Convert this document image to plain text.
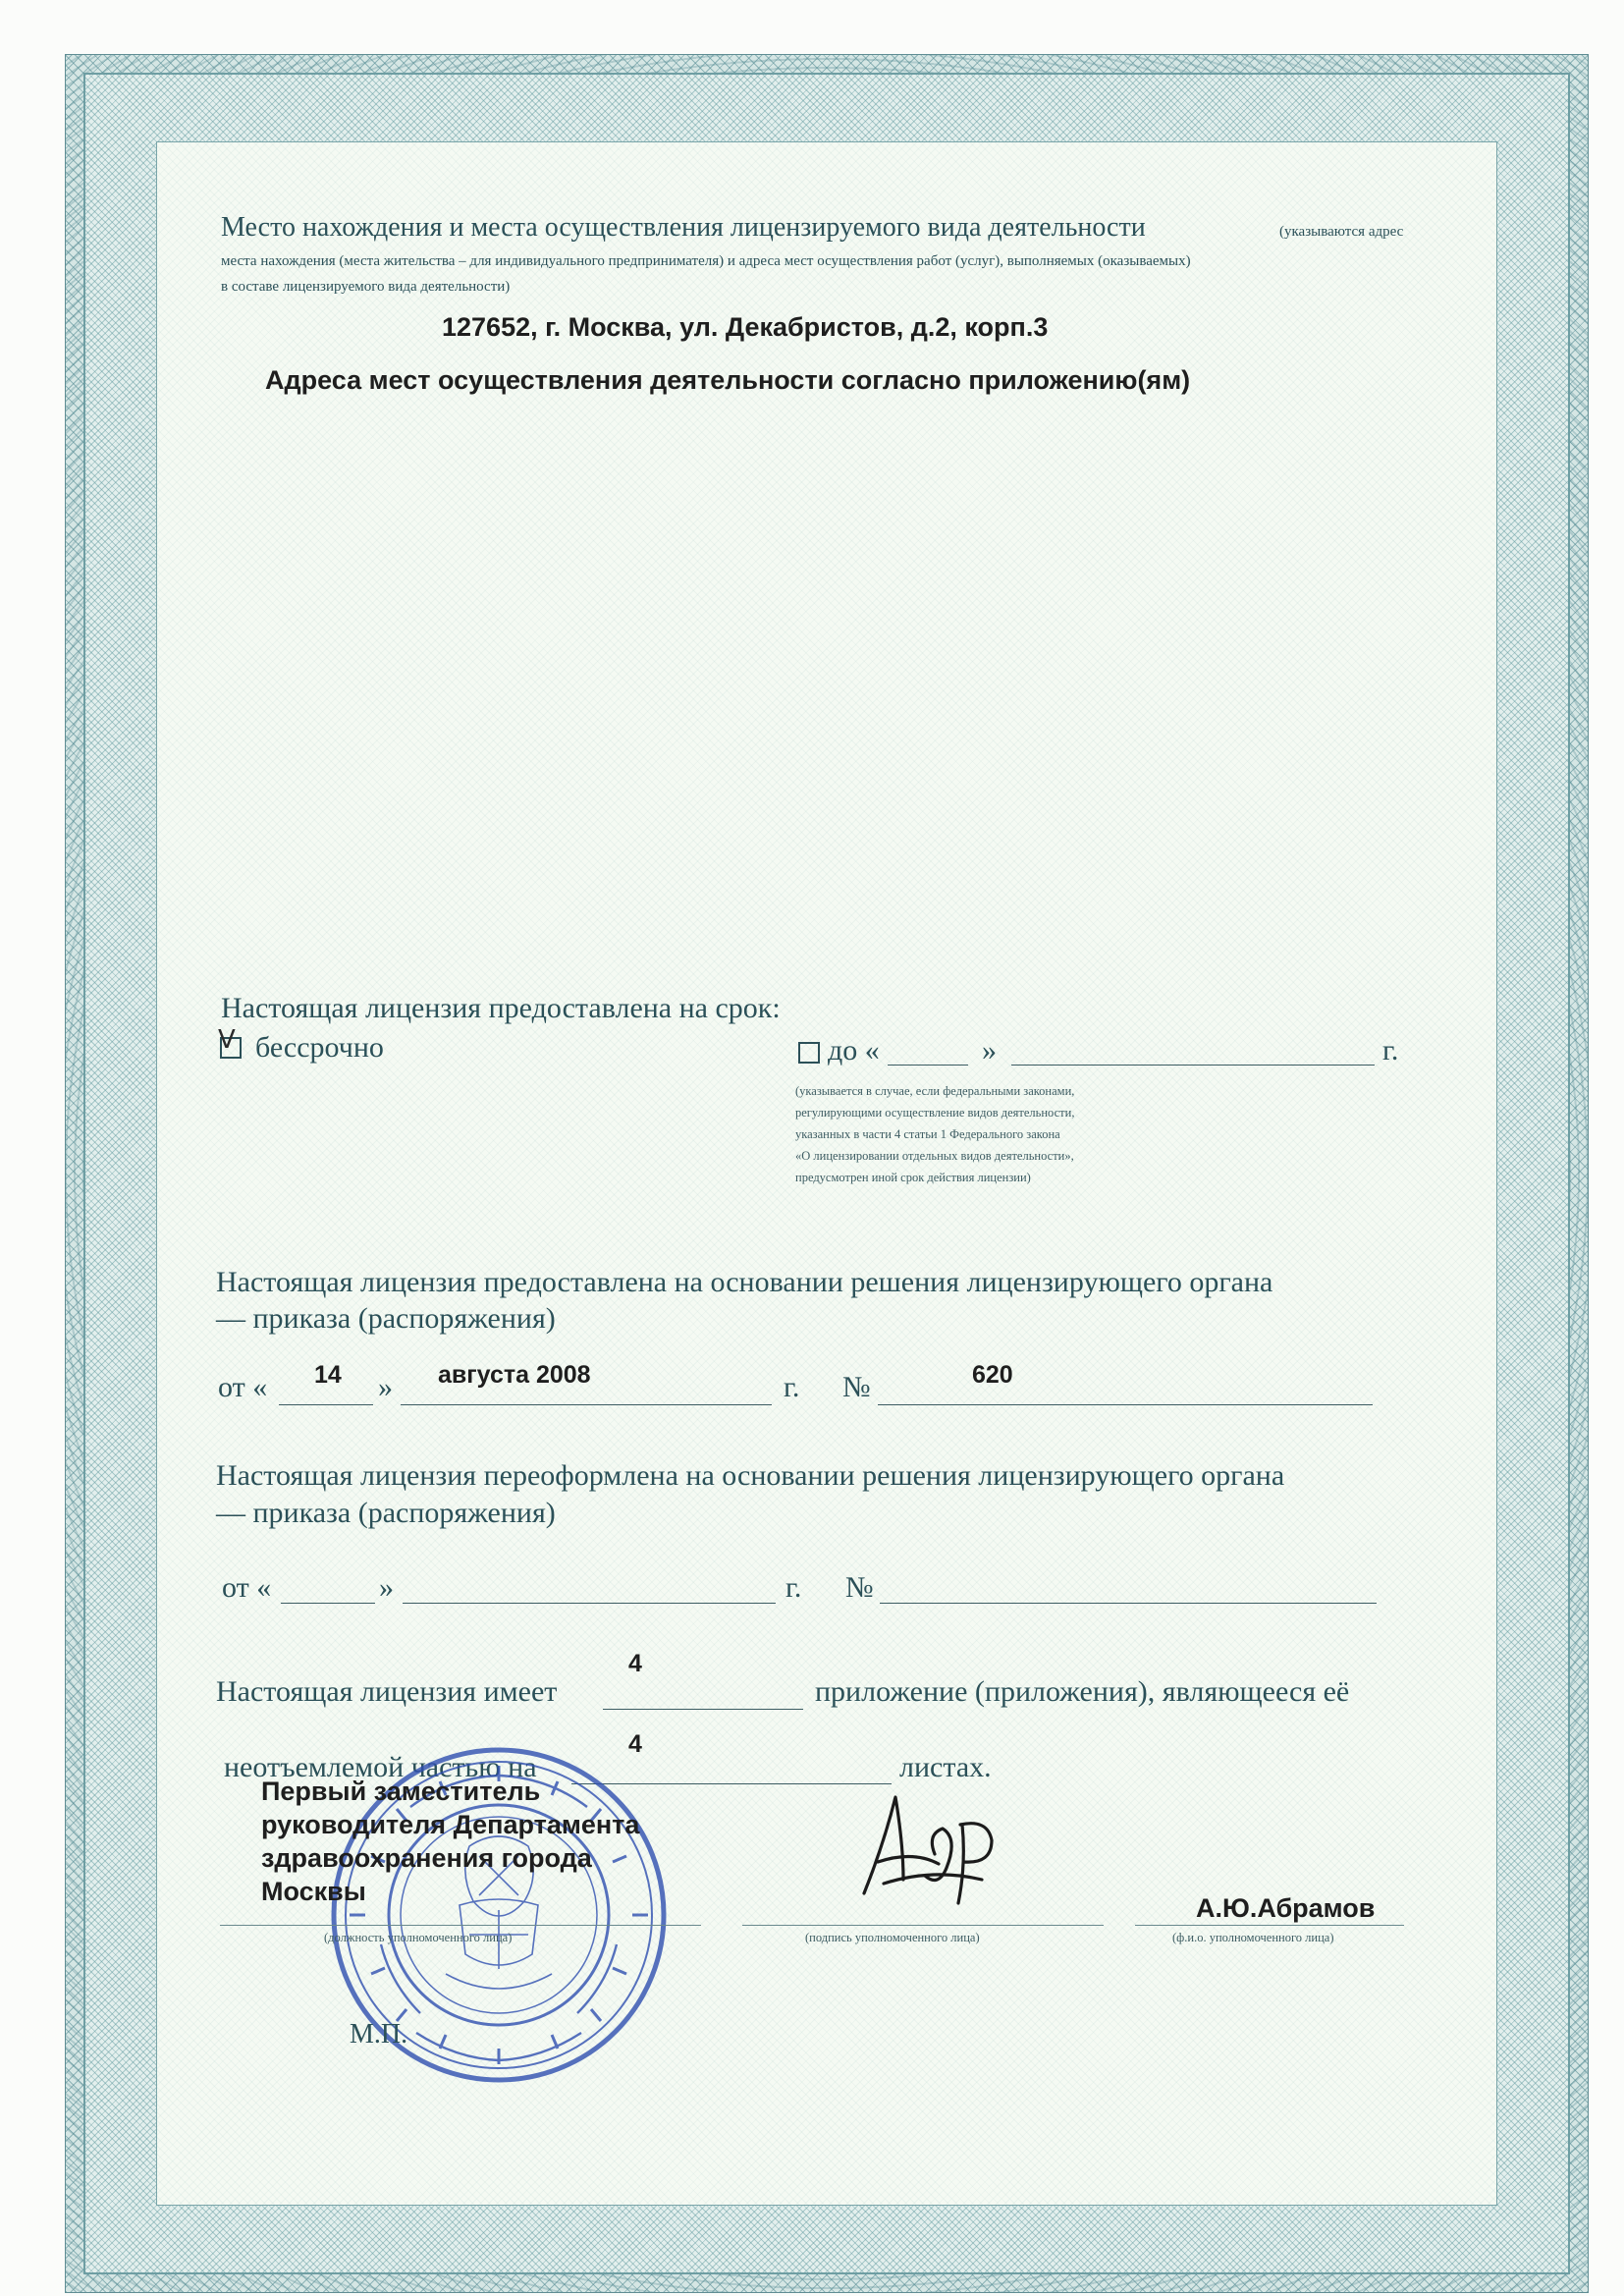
Место нахождения и места осуществления лицензируемого вида деятельности	(указываются адрес
места нахождения (места жительства – для индивидуального предпринимателя) и адреса мест осуществления работ (услуг), выполняемых (оказываемых)
в составе лицензируемого вида деятельности)
127652, г. Москва, ул. Декабристов, д.2, корп.3
Адреса мест осуществления деятельности согласно приложению(ям)
Настоящая лицензия предоставлена на срок:
V бессрочно	до «	»	г.
(указывается в случае, если федеральными законами,
регулирующими осуществление видов деятельности,
указанных в части 4 статьи 1 Федерального закона
«О лицензировании отдельных видов деятельности»,
предусмотрен иной срок действия лицензии)
Настоящая лицензия предоставлена на основании решения лицензирующего органа
— приказа (распоряжения)
от « 14 » августа 2008	г. №	620
Настоящая лицензия переоформлена на основании решения лицензирующего органа
— приказа (распоряжения)
от «	»	г. №
Настоящая лицензия имеет
4
приложение (приложения), являющееся её
неотъемлемой частью на
4
листах.
Первый заместитель
руководителя Департамента
здравоохранения города
Москвы
(должность уполномоченного лица)	(подпись уполномоченного лица)
А.Ю.Абрамов
(ф.и.о. уполномоченного лица)
М.П.
